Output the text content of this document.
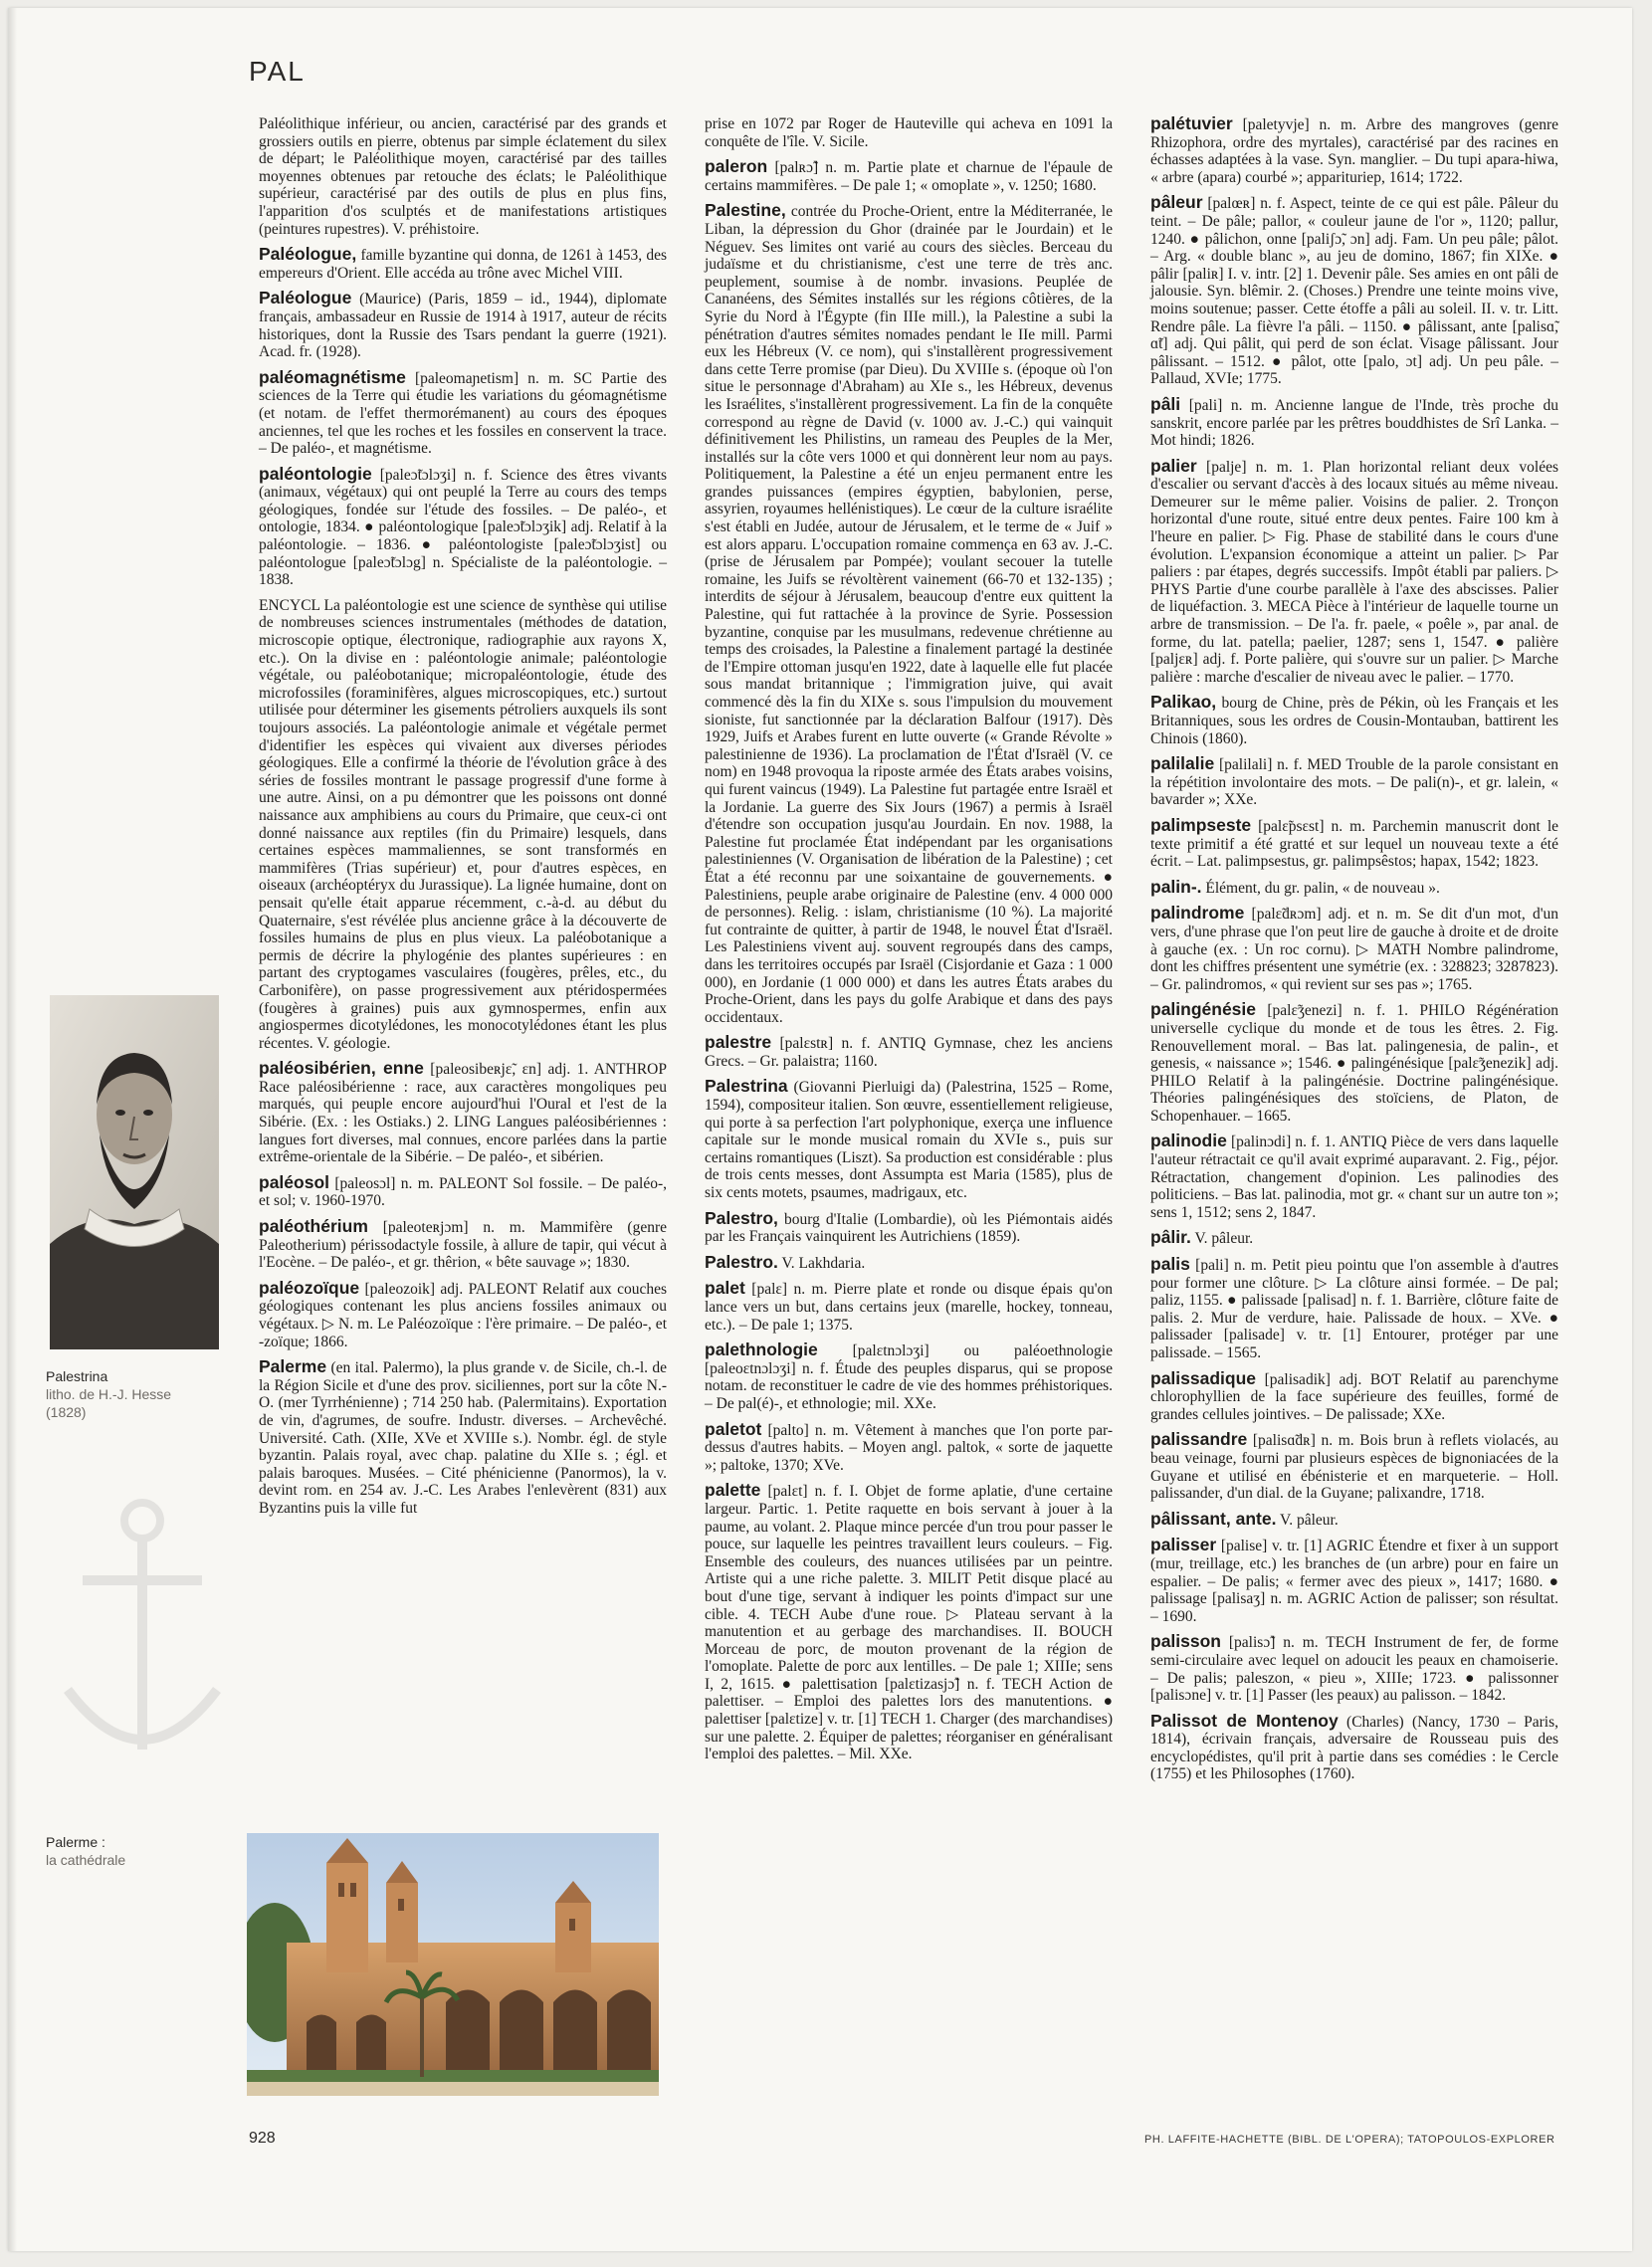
PAL

Paléolithique inférieur, ou ancien, caractérisé par des grands et grossiers outils en pierre, obtenus par simple éclatement du silex de départ; le Paléolithique moyen, caractérisé par des tailles moyennes obtenues par retouche des éclats; le Paléolithique supérieur, caractérisé par des outils de plus en plus fins, l'apparition d'os sculptés et de manifestations artistiques (peintures rupestres). V. préhistoire.

Paléologue, famille byzantine qui donna, de 1261 à 1453, des empereurs d'Orient. Elle accéda au trône avec Michel VIII.

Paléologue (Maurice) (Paris, 1859 – id., 1944), diplomate français, ambassadeur en Russie de 1914 à 1917, auteur de récits historiques, dont la Russie des Tsars pendant la guerre (1921). Acad. fr. (1928).

paléomagnétisme [paleomaɲetism] n. m. SC Partie des sciences de la Terre qui étudie les variations du géomagnétisme (et notam. de l'effet thermorémanent) au cours des époques anciennes, tel que les roches et les fossiles en conservent la trace. – De paléo-, et magnétisme.

paléontologie [paleɔ̃tɔlɔʒi] n. f. Science des êtres vivants (animaux, végétaux) qui ont peuplé la Terre au cours des temps géologiques, fondée sur l'étude des fossiles. – De paléo-, et ontologie, 1834. ● paléontologique [paleɔ̃tɔlɔʒik] adj. Relatif à la paléontologie. – 1836. ● paléontologiste [paleɔ̃tɔlɔʒist] ou paléontologue [paleɔ̃tɔlɔg] n. Spécialiste de la paléontologie. – 1838.

ENCYCL La paléontologie est une science de synthèse qui utilise de nombreuses sciences instrumentales (méthodes de datation, microscopie optique, électronique, radiographie aux rayons X, etc.). On la divise en : paléontologie animale; paléontologie végétale, ou paléobotanique; micropaléontologie, étude des microfossiles (foraminifères, algues microscopiques, etc.) surtout utilisée pour déterminer les gisements pétroliers auxquels ils sont toujours associés. La paléontologie animale et végétale permet d'identifier les espèces qui vivaient aux diverses périodes géologiques. Elle a confirmé la théorie de l'évolution grâce à des séries de fossiles montrant le passage progressif d'une forme à une autre. Ainsi, on a pu démontrer que les poissons ont donné naissance aux amphibiens au cours du Primaire, que ceux-ci ont donné naissance aux reptiles (fin du Primaire) lesquels, dans certaines espèces mammaliennes, se sont transformés en mammifères (Trias supérieur) et, pour d'autres espèces, en oiseaux (archéoptéryx du Jurassique). La lignée humaine, dont on pensait qu'elle était apparue récemment, c.-à-d. au début du Quaternaire, s'est révélée plus ancienne grâce à la découverte de fossiles humains de plus en plus vieux. La paléobotanique a permis de décrire la phylogénie des plantes supérieures : en partant des cryptogames vasculaires (fougères, prêles, etc., du Carbonifère), on passe progressivement aux ptéridospermées (fougères à graines) puis aux gymnospermes, enfin aux angiospermes dicotylédones, les monocotylédones étant les plus récentes. V. géologie.

paléosibérien, enne [paleosibeʀjɛ̃, ɛn] adj. 1. ANTHROP Race paléosibérienne : race, aux caractères mongoliques peu marqués, qui peuple encore aujourd'hui l'Oural et l'est de la Sibérie. (Ex. : les Ostiaks.) 2. LING Langues paléosibériennes : langues fort diverses, mal connues, encore parlées dans la partie extrême-orientale de la Sibérie. – De paléo-, et sibérien.

paléosol [paleosɔl] n. m. PALEONT Sol fossile. – De paléo-, et sol; v. 1960-1970.

paléothérium [paleoteʀjɔm] n. m. Mammifère (genre Paleotherium) périssodactyle fossile, à allure de tapir, qui vécut à l'Eocène. – De paléo-, et gr. thêrion, « bête sauvage »; 1830.

paléozoïque [paleozoik] adj. PALEONT Relatif aux couches géologiques contenant les plus anciens fossiles animaux ou végétaux. ▷ N. m. Le Paléozoïque : l'ère primaire. – De paléo-, et -zoïque; 1866.

Palerme (en ital. Palermo), la plus grande v. de Sicile, ch.-l. de la Région Sicile et d'une des prov. siciliennes, port sur la côte N.-O. (mer Tyrrhénienne) ; 714 250 hab. (Palermitains). Exportation de vin, d'agrumes, de soufre. Industr. diverses. – Archevêché. Université. Cath. (XIIe, XVe et XVIIIe s.). Nombr. égl. de style byzantin. Palais royal, avec chap. palatine du XIIe s. ; égl. et palais baroques. Musées. – Cité phénicienne (Panormos), la v. devint rom. en 254 av. J.-C. Les Arabes l'enlevèrent (831) aux Byzantins puis la ville fut

prise en 1072 par Roger de Hauteville qui acheva en 1091 la conquête de l'île. V. Sicile.

paleron [palʀɔ̃] n. m. Partie plate et charnue de l'épaule de certains mammifères. – De pale 1; « omoplate », v. 1250; 1680.

Palestine, contrée du Proche-Orient, entre la Méditerranée, le Liban, la dépression du Ghor (drainée par le Jourdain) et le Néguev. Ses limites ont varié au cours des siècles. Berceau du judaïsme et du christianisme, c'est une terre de très anc. peuplement, soumise à de nombr. invasions. Peuplée de Cananéens, des Sémites installés sur les régions côtières, de la Syrie du Nord à l'Égypte (fin IIIe mill.), la Palestine a subi la pénétration d'autres sémites nomades pendant le IIe mill. Parmi eux les Hébreux (V. ce nom), qui s'installèrent progressivement dans cette Terre promise (par Dieu). Du XVIIIe s. (époque où l'on situe le personnage d'Abraham) au XIe s., les Hébreux, devenus les Israélites, s'installèrent progressivement. La fin de la conquête correspond au règne de David (v. 1000 av. J.-C.) qui vainquit définitivement les Philistins, un rameau des Peuples de la Mer, installés sur la côte vers 1000 et qui donnèrent leur nom au pays. Politiquement, la Palestine a été un enjeu permanent entre les grandes puissances (empires égyptien, babylonien, perse, assyrien, royaumes hellénistiques). Le cœur de la culture israélite s'est établi en Judée, autour de Jérusalem, et le terme de « Juif » est alors apparu. L'occupation romaine commença en 63 av. J.-C. (prise de Jérusalem par Pompée); voulant secouer la tutelle romaine, les Juifs se révoltèrent vainement (66-70 et 132-135) ; interdits de séjour à Jérusalem, beaucoup d'entre eux quittent la Palestine, qui fut rattachée à la province de Syrie. Possession byzantine, conquise par les musulmans, redevenue chrétienne au temps des croisades, la Palestine a finalement partagé la destinée de l'Empire ottoman jusqu'en 1922, date à laquelle elle fut placée sous mandat britannique ; l'immigration juive, qui avait commencé dès la fin du XIXe s. sous l'impulsion du mouvement sioniste, fut sanctionnée par la déclaration Balfour (1917). Dès 1929, Juifs et Arabes furent en lutte ouverte (« Grande Révolte » palestinienne de 1936). La proclamation de l'État d'Israël (V. ce nom) en 1948 provoqua la riposte armée des États arabes voisins, qui furent vaincus (1949). La Palestine fut partagée entre Israël et la Jordanie. La guerre des Six Jours (1967) a permis à Israël d'étendre son occupation jusqu'au Jourdain. En nov. 1988, la Palestine fut proclamée État indépendant par les organisations palestiniennes (V. Organisation de libération de la Palestine) ; cet État a été reconnu par une soixantaine de gouvernements. ● Palestiniens, peuple arabe originaire de Palestine (env. 4 000 000 de personnes). Relig. : islam, christianisme (10 %). La majorité fut contrainte de quitter, à partir de 1948, le nouvel État d'Israël. Les Palestiniens vivent auj. souvent regroupés dans des camps, dans les territoires occupés par Israël (Cisjordanie et Gaza : 1 000 000), en Jordanie (1 000 000) et dans les autres États arabes du Proche-Orient, dans les pays du golfe Arabique et dans des pays occidentaux.

palestre [palɛstʀ] n. f. ANTIQ Gymnase, chez les anciens Grecs. – Gr. palaistra; 1160.

Palestrina (Giovanni Pierluigi da) (Palestrina, 1525 – Rome, 1594), compositeur italien. Son œuvre, essentiellement religieuse, qui porte à sa perfection l'art polyphonique, exerça une influence capitale sur le monde musical romain du XVIe s., puis sur certains romantiques (Liszt). Sa production est considérable : plus de trois cents messes, dont Assumpta est Maria (1585), plus de six cents motets, psaumes, madrigaux, etc.

Palestro, bourg d'Italie (Lombardie), où les Piémontais aidés par les Français vainquirent les Autrichiens (1859).

Palestro. V. Lakhdaria.

palet [palɛ] n. m. Pierre plate et ronde ou disque épais qu'on lance vers un but, dans certains jeux (marelle, hockey, tonneau, etc.). – De pale 1; 1375.

palethnologie [palɛtnɔlɔʒi] ou paléoethnologie [paleoɛtnɔlɔʒi] n. f. Étude des peuples disparus, qui se propose notam. de reconstituer le cadre de vie des hommes préhistoriques. – De pal(é)-, et ethnologie; mil. XXe.

paletot [palto] n. m. Vêtement à manches que l'on porte par-dessus d'autres habits. – Moyen angl. paltok, « sorte de jaquette »; paltoke, 1370; XVe.

palette [palɛt] n. f. I. Objet de forme aplatie, d'une certaine largeur. Partic. 1. Petite raquette en bois servant à jouer à la paume, au volant. 2. Plaque mince percée d'un trou pour passer le pouce, sur laquelle les peintres travaillent leurs couleurs. – Fig. Ensemble des couleurs, des nuances utilisées par un peintre. Artiste qui a une riche palette. 3. MILIT Petit disque placé au bout d'une tige, servant à indiquer les points d'impact sur une cible. 4. TECH Aube d'une roue. ▷ Plateau servant à la manutention et au gerbage des marchandises. II. BOUCH Morceau de porc, de mouton provenant de la région de l'omoplate. Palette de porc aux lentilles. – De pale 1; XIIIe; sens I, 2, 1615. ● palettisation [palɛtizasjɔ̃] n. f. TECH Action de palettiser. – Emploi des palettes lors des manutentions. ● palettiser [palɛtize] v. tr. [1] TECH 1. Charger (des marchandises) sur une palette. 2. Équiper de palettes; réorganiser en généralisant l'emploi des palettes. – Mil. XXe.

palétuvier [paletyvje] n. m. Arbre des mangroves (genre Rhizophora, ordre des myrtales), caractérisé par des racines en échasses adaptées à la vase. Syn. manglier. – Du tupi apara-hiwa, « arbre (apara) courbé »; apparituriер, 1614; 1722.

pâleur [palœʀ] n. f. Aspect, teinte de ce qui est pâle. Pâleur du teint. – De pâle; pallor, « couleur jaune de l'or », 1120; pallur, 1240. ● pâlichon, onne [paliʃɔ̃, ɔn] adj. Fam. Un peu pâle; pâlot. – Arg. « double blanc », au jeu de domino, 1867; fin XIXe. ● pâlir [paliʀ] I. v. intr. [2] 1. Devenir pâle. Ses amies en ont pâli de jalousie. Syn. blêmir. 2. (Choses.) Prendre une teinte moins vive, moins soutenue; passer. Cette étoffe a pâli au soleil. II. v. tr. Litt. Rendre pâle. La fièvre l'a pâli. – 1150. ● pâlissant, ante [palisɑ̃, ɑ̃t] adj. Qui pâlit, qui perd de son éclat. Visage pâlissant. Jour pâlissant. – 1512. ● pâlot, otte [palo, ɔt] adj. Un peu pâle. – Pallaud, XVIe; 1775.

pâli [pali] n. m. Ancienne langue de l'Inde, très proche du sanskrit, encore parlée par les prêtres bouddhistes de Srî Lanka. – Mot hindi; 1826.

palier [palje] n. m. 1. Plan horizontal reliant deux volées d'escalier ou servant d'accès à des locaux situés au même niveau. Demeurer sur le même palier. Voisins de palier. 2. Tronçon horizontal d'une route, situé entre deux pentes. Faire 100 km à l'heure en palier. ▷ Fig. Phase de stabilité dans le cours d'une évolution. L'expansion économique a atteint un palier. ▷ Par paliers : par étapes, degrés successifs. Impôt établi par paliers. ▷ PHYS Partie d'une courbe parallèle à l'axe des abscisses. Palier de liquéfaction. 3. MECA Pièce à l'intérieur de laquelle tourne un arbre de transmission. – De l'a. fr. paele, « poêle », par anal. de forme, du lat. patella; paelier, 1287; sens 1, 1547. ● palière [paljɛʀ] adj. f. Porte palière, qui s'ouvre sur un palier. ▷ Marche palière : marche d'escalier de niveau avec le palier. – 1770.

Palikao, bourg de Chine, près de Pékin, où les Français et les Britanniques, sous les ordres de Cousin-Montauban, battirent les Chinois (1860).

palilalie [palilali] n. f. MED Trouble de la parole consistant en la répétition involontaire des mots. – De pali(n)-, et gr. lalein, « bavarder »; XXe.

palimpseste [palɛ̃psɛst] n. m. Parchemin manuscrit dont le texte primitif a été gratté et sur lequel un nouveau texte a été écrit. – Lat. palimpsestus, gr. palimpsêstos; hapax, 1542; 1823.

palin-. Élément, du gr. palin, « de nouveau ».

palindrome [palɛ̃dʀɔm] adj. et n. m. Se dit d'un mot, d'un vers, d'une phrase que l'on peut lire de gauche à droite et de droite à gauche (ex. : Un roc cornu). ▷ MATH Nombre palindrome, dont les chiffres présentent une symétrie (ex. : 328823; 3287823). – Gr. palindromos, « qui revient sur ses pas »; 1765.

palingénésie [palɛ̃ʒenezi] n. f. 1. PHILO Régénération universelle cyclique du monde et de tous les êtres. 2. Fig. Renouvellement moral. – Bas lat. palingenesia, de palin-, et genesis, « naissance »; 1546. ● palingénésique [palɛ̃ʒenezik] adj. PHILO Relatif à la palingénésie. Doctrine palingénésique. Théories palingénésiques des stoïciens, de Platon, de Schopenhauer. – 1665.

palinodie [palinɔdi] n. f. 1. ANTIQ Pièce de vers dans laquelle l'auteur rétractait ce qu'il avait exprimé auparavant. 2. Fig., péjor. Rétractation, changement d'opinion. Les palinodies des politiciens. – Bas lat. palinodia, mot gr. « chant sur un autre ton »; sens 1, 1512; sens 2, 1847.

pâlir. V. pâleur.

palis [pali] n. m. Petit pieu pointu que l'on assemble à d'autres pour former une clôture. ▷ La clôture ainsi formée. – De pal; paliz, 1155. ● palissade [palisad] n. f. 1. Barrière, clôture faite de palis. 2. Mur de verdure, haie. Palissade de houx. – XVe. ● palissader [palisade] v. tr. [1] Entourer, protéger par une palissade. – 1565.

palissadique [palisadik] adj. BOT Relatif au parenchyme chlorophyllien de la face supérieure des feuilles, formé de grandes cellules jointives. – De palissade; XXe.

palissandre [palisɑ̃dʀ] n. m. Bois brun à reflets violacés, au beau veinage, fourni par plusieurs espèces de bignoniacées de la Guyane et utilisé en ébénisterie et en marqueterie. – Holl. palissander, d'un dial. de la Guyane; palixandre, 1718.

pâlissant, ante. V. pâleur.

palisser [palise] v. tr. [1] AGRIC Étendre et fixer à un support (mur, treillage, etc.) les branches de (un arbre) pour en faire un espalier. – De palis; « fermer avec des pieux », 1417; 1680. ● palissage [palisaʒ] n. m. AGRIC Action de palisser; son résultat. – 1690.

palisson [palisɔ̃] n. m. TECH Instrument de fer, de forme semi-circulaire avec lequel on adoucit les peaux en chamoiserie. – De palis; paleszon, « pieu », XIIIe; 1723. ● palissonner [palisɔne] v. tr. [1] Passer (les peaux) au palisson. – 1842.

Palissot de Montenoy (Charles) (Nancy, 1730 – Paris, 1814), écrivain français, adversaire de Rousseau puis des encyclopédistes, qu'il prit à partie dans ses comédies : le Cercle (1755) et les Philosophes (1760).

Palestrina
litho. de H.-J. Hesse
(1828)
Palerme :
la cathédrale
928	PH. LAFFITE-HACHETTE (BIBL. DE L'OPERA); TATOPOULOS-EXPLORER
